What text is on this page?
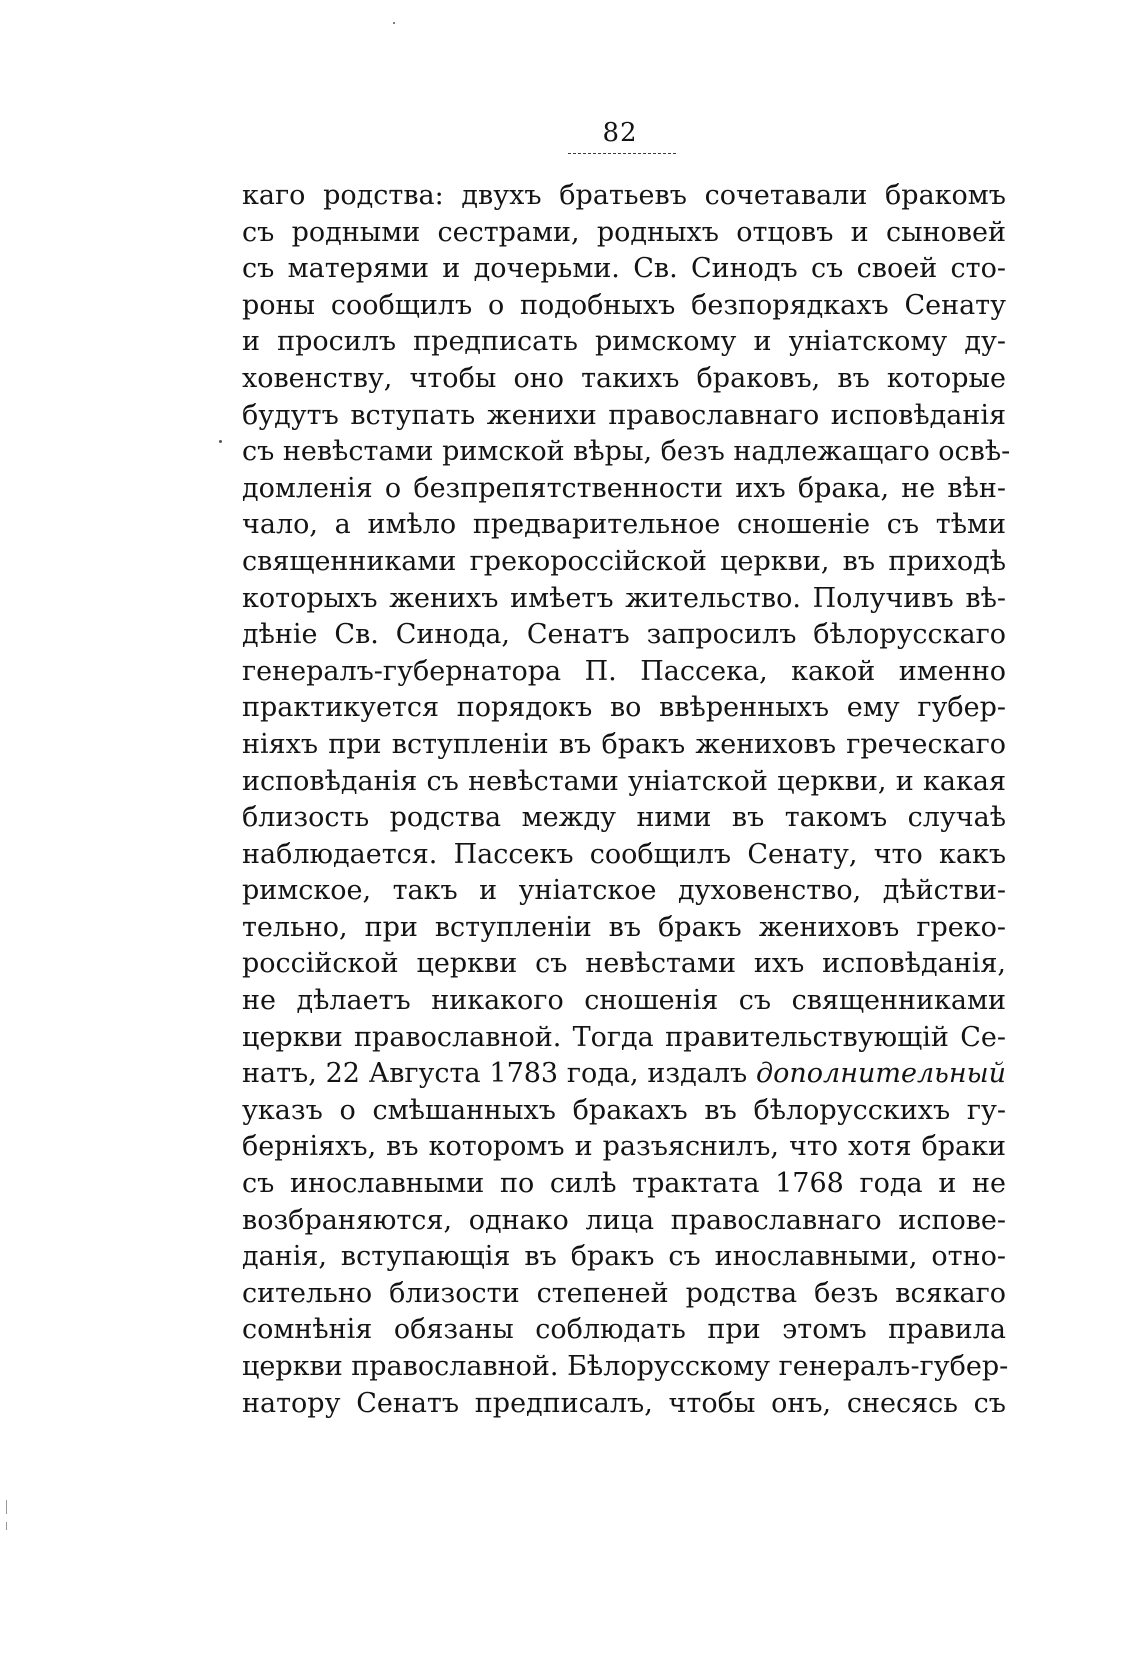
82
каго родства: двухъ братьевъ сочетавали бракомъ
съ родными сестрами, родныхъ отцовъ и сыновей
съ матерями и дочерьми. Св. Синодъ съ своей сто-
роны сообщилъ о подобныхъ безпорядкахъ Сенату
и просилъ предписать римскому и уніатскому ду-
ховенству, чтобы оно такихъ браковъ, въ которые
будутъ вступать женихи православнаго исповѣданія
съ невѣстами римской вѣры, безъ надлежащаго освѣ-
домленія о безпрепятственности ихъ брака, не вѣн-
чало, а имѣло предварительное сношеніе съ тѣми
священниками грекороссійской церкви, въ приходѣ
которыхъ женихъ имѣетъ жительство. Получивъ вѣ-
дѣніе Св. Синода, Сенатъ запросилъ бѣлорусскаго
генералъ-губернатора П. Пассека, какой именно
практикуется порядокъ во ввѣренныхъ ему губер-
ніяхъ при вступленіи въ бракъ жениховъ греческаго
исповѣданія съ невѣстами уніатской церкви, и какая
близость родства между ними въ такомъ случаѣ
наблюдается. Пассекъ сообщилъ Сенату, что какъ
римское, такъ и уніатское духовенство, дѣйстви-
тельно, при вступленіи въ бракъ жениховъ греко-
россійской церкви съ невѣстами ихъ исповѣданія,
не дѣлаетъ никакого сношенія съ священниками
церкви православной. Тогда правительствующій Се-
натъ, 22 Августа 1783 года, издалъ дополнительный
указъ о смѣшанныхъ бракахъ въ бѣлорусскихъ гу-
берніяхъ, въ которомъ и разъяснилъ, что хотя браки
съ инославными по силѣ трактата 1768 года и не
возбраняются, однако лица православнаго испове-
данія, вступающія въ бракъ съ инославными, отно-
сительно близости степеней родства безъ всякаго
сомнѣнія обязаны соблюдать при этомъ правила
церкви православной. Бѣлорусскому генералъ-губер-
натору Сенатъ предписалъ, чтобы онъ, снесясь съ
